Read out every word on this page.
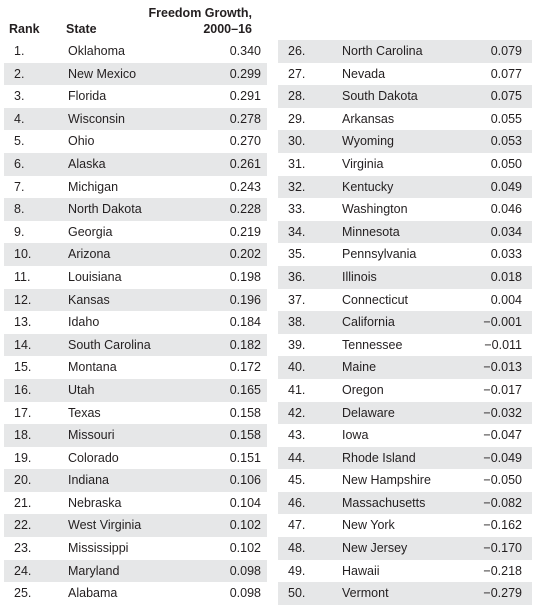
Rank State
Freedom Growth,
2000–16
1.	Oklahoma	0.340
2.	New Mexico	0.299
3.	Florida	0.291
4.	Wisconsin	0.278
5.	Ohio	0.270
6.	Alaska	0.261
7.	Michigan	0.243
8.	North Dakota	0.228
9.	Georgia	0.219
10.	Arizona	0.202
11.	Louisiana	0.198
12.	Kansas	0.196
13.	Idaho	0.184
14.	South Carolina	0.182
15.	Montana	0.172
16.	Utah	0.165
17.	Texas	0.158
18.	Missouri	0.158
19.	Colorado	0.151
20.	Indiana	0.106
21.	Nebraska	0.104
22.	West Virginia	0.102
23.	Mississippi	0.102
24.	Maryland	0.098
25.	Alabama	0.098
26.	North Carolina	0.079
27.	Nevada	0.077
28.	South Dakota	0.075
29.	Arkansas	0.055
30.	Wyoming	0.053
31.	Virginia	0.050
32.	Kentucky	0.049
33.	Washington	0.046
34.	Minnesota	0.034
35.	Pennsylvania	0.033
36.	Illinois	0.018
37.	Connecticut	0.004
38.	California	−0.001
39.	Tennessee	−0.011
40.	Maine	−0.013
41.	Oregon	−0.017
42.	Delaware	−0.032
43.	Iowa	−0.047
44.	Rhode Island	−0.049
45.	New Hampshire	−0.050
46.	Massachusetts	−0.082
47.	New York	−0.162
48.	New Jersey	−0.170
49.	Hawaii	−0.218
50.	Vermont	−0.279
